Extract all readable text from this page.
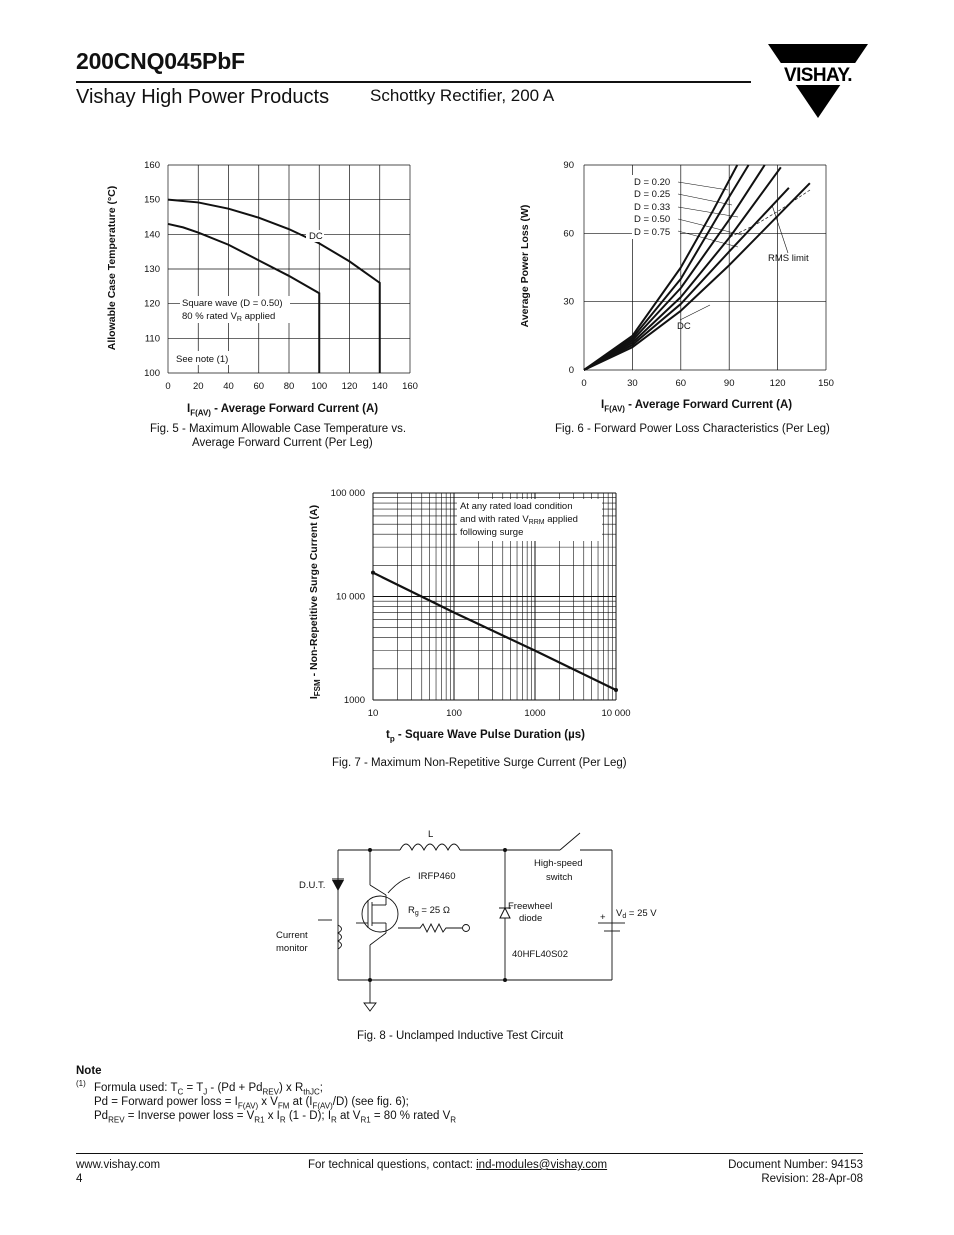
200CNQ045PbF
Vishay High Power Products Schottky Rectifier, 200 A
VISHAY.
0 20 40 60 80 100 120 140 160
100
110
120
130
140
150
160
DC
Square wave (D = 0.50)
80 % rated $V_R$ applied
See note (1)
Allowable Case Temperature (°C)
$I_{F(AV)}$ - Average Forward Current (A)
Fig. 5 - Maximum Allowable Case Temperature vs.
Average Forward Current (Per Leg)
0	30	60	90	120	150
0
30
60
90
D = 0.20
D = 0.25
D = 0.33
D = 0.50
D = 0.75
RMS limit
DC
Average Power Loss (W)
$I_{F(AV)}$ - Average Forward Current (A)
Fig. 6 - Forward Power Loss Characteristics (Per Leg)
10	100	1000	10 000
1000
10 000
100 000
At any rated load condition
and with rated $V_{RRM}$ applied
following surge
$I_{FSM}$ - Non-Repetitive Surge Current (A)
$t_p$ - Square Wave Pulse Duration (µs)
Fig. 7 - Maximum Non-Repetitive Surge Current (Per Leg)
L
High-speed
switch
D.U.T.
IRFP460
$R_g = 25$ Ω	Freewheel
diode
40HFL40S02
Current
monitor
+ $V_d = 25$ V
Fig. 8 - Unclamped Inductive Test Circuit
Note
(1) Formula used: $T_C = T_J - (Pd + Pd_{REV})$ x $R_{thJC}$;
Pd = Forward power loss = $I_{F(AV)}$ x $V_{FM}$ at $(I_{F(AV)}/D)$ (see fig. 6);
$Pd_{REV}$ = Inverse power loss = $V_{R1}$ x $I_R$ (1 - D); $I_R$ at $V_{R1} = 80$ % rated $V_R$
www.vishay.com
4
For technical questions, contact: ind-modules@vishay.com	Document Number: 94153
Revision: 28-Apr-08
